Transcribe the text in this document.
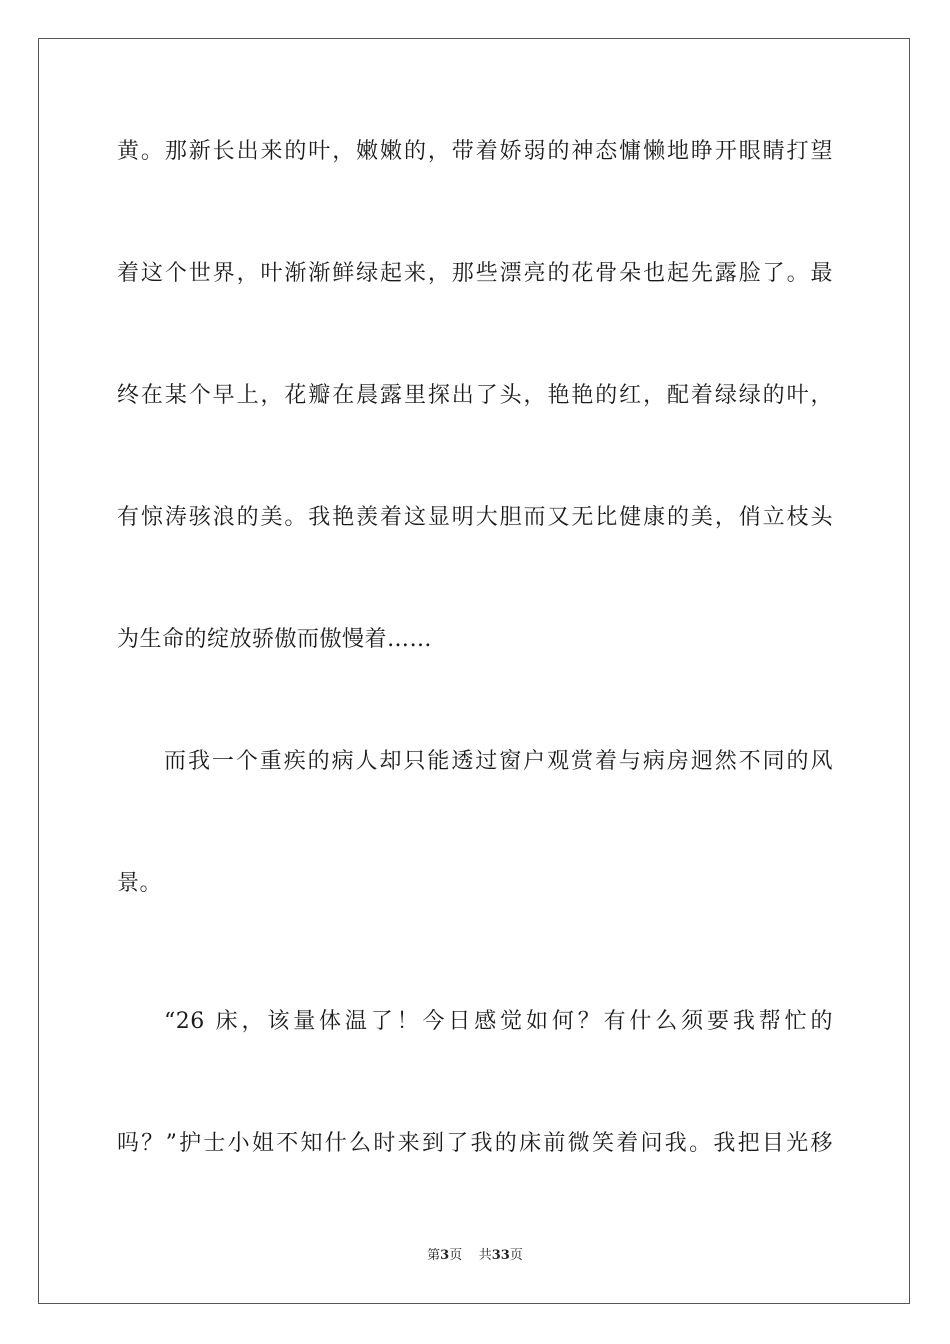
黄。那新长出来的叶，嫩嫩的，带着娇弱的神态慵懒地睁开眼睛打望
着这个世界，叶渐渐鲜绿起来，那些漂亮的花骨朵也起先露脸了。最
终在某个早上，花瓣在晨露里探出了头，艳艳的红，配着绿绿的叶，
有惊涛骇浪的美。我艳羡着这显明大胆而又无比健康的美，俏立枝头
为生命的绽放骄傲而傲慢着……
而我一个重疾的病人却只能透过窗户观赏着与病房迥然不同的风
景。
“26 床，该量体温了！今日感觉如何？有什么须要我帮忙的
吗？”护士小姐不知什么时来到了我的床前微笑着问我。我把目光移
第3页 共33页
